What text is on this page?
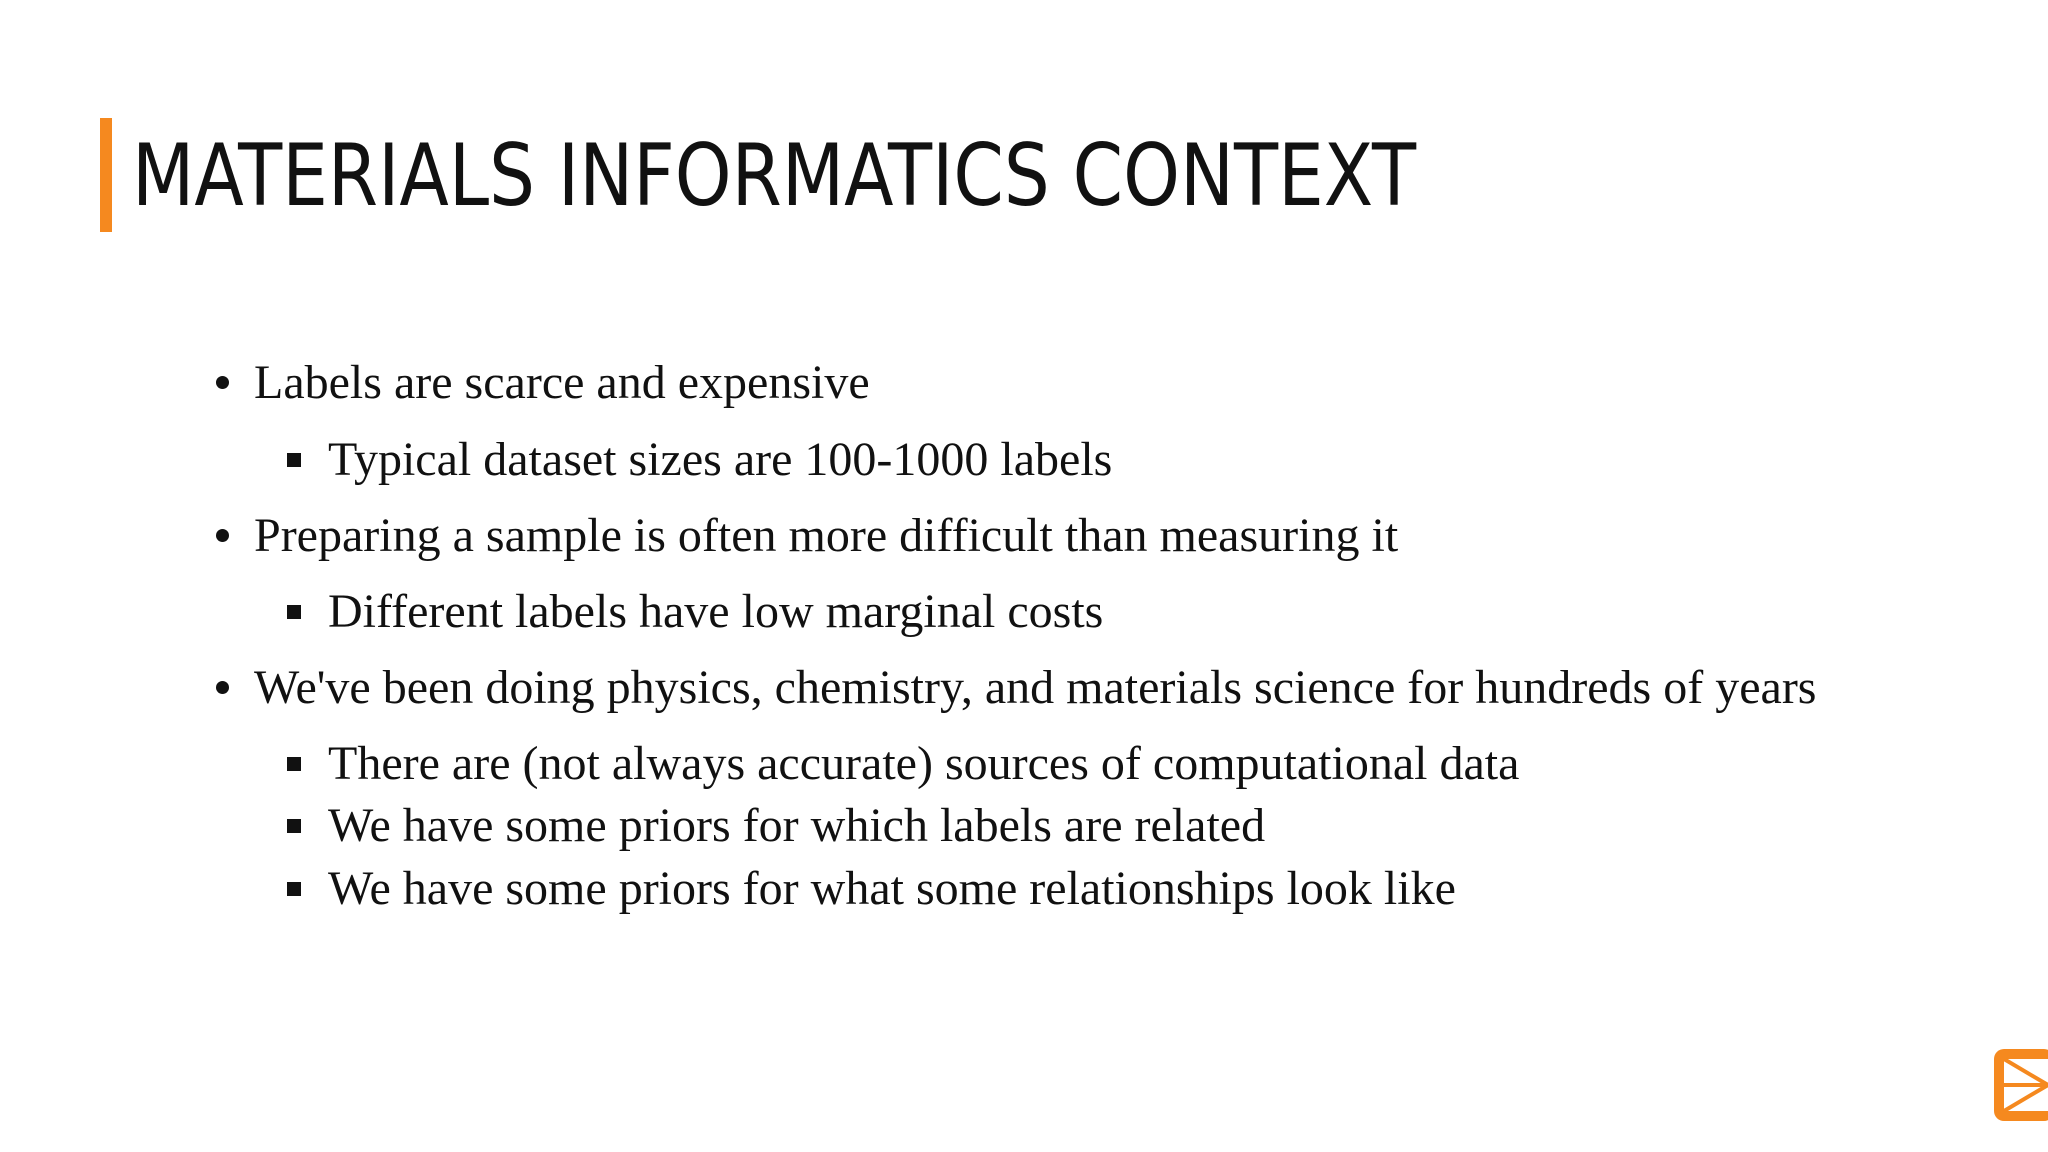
MATERIALS INFORMATICS CONTEXT
Labels are scarce and expensive
Typical dataset sizes are 100-1000 labels
Preparing a sample is often more difficult than measuring it
Different labels have low marginal costs
We've been doing physics, chemistry, and materials science for hundreds of years
There are (not always accurate) sources of computational data
We have some priors for which labels are related
We have some priors for what some relationships look like
